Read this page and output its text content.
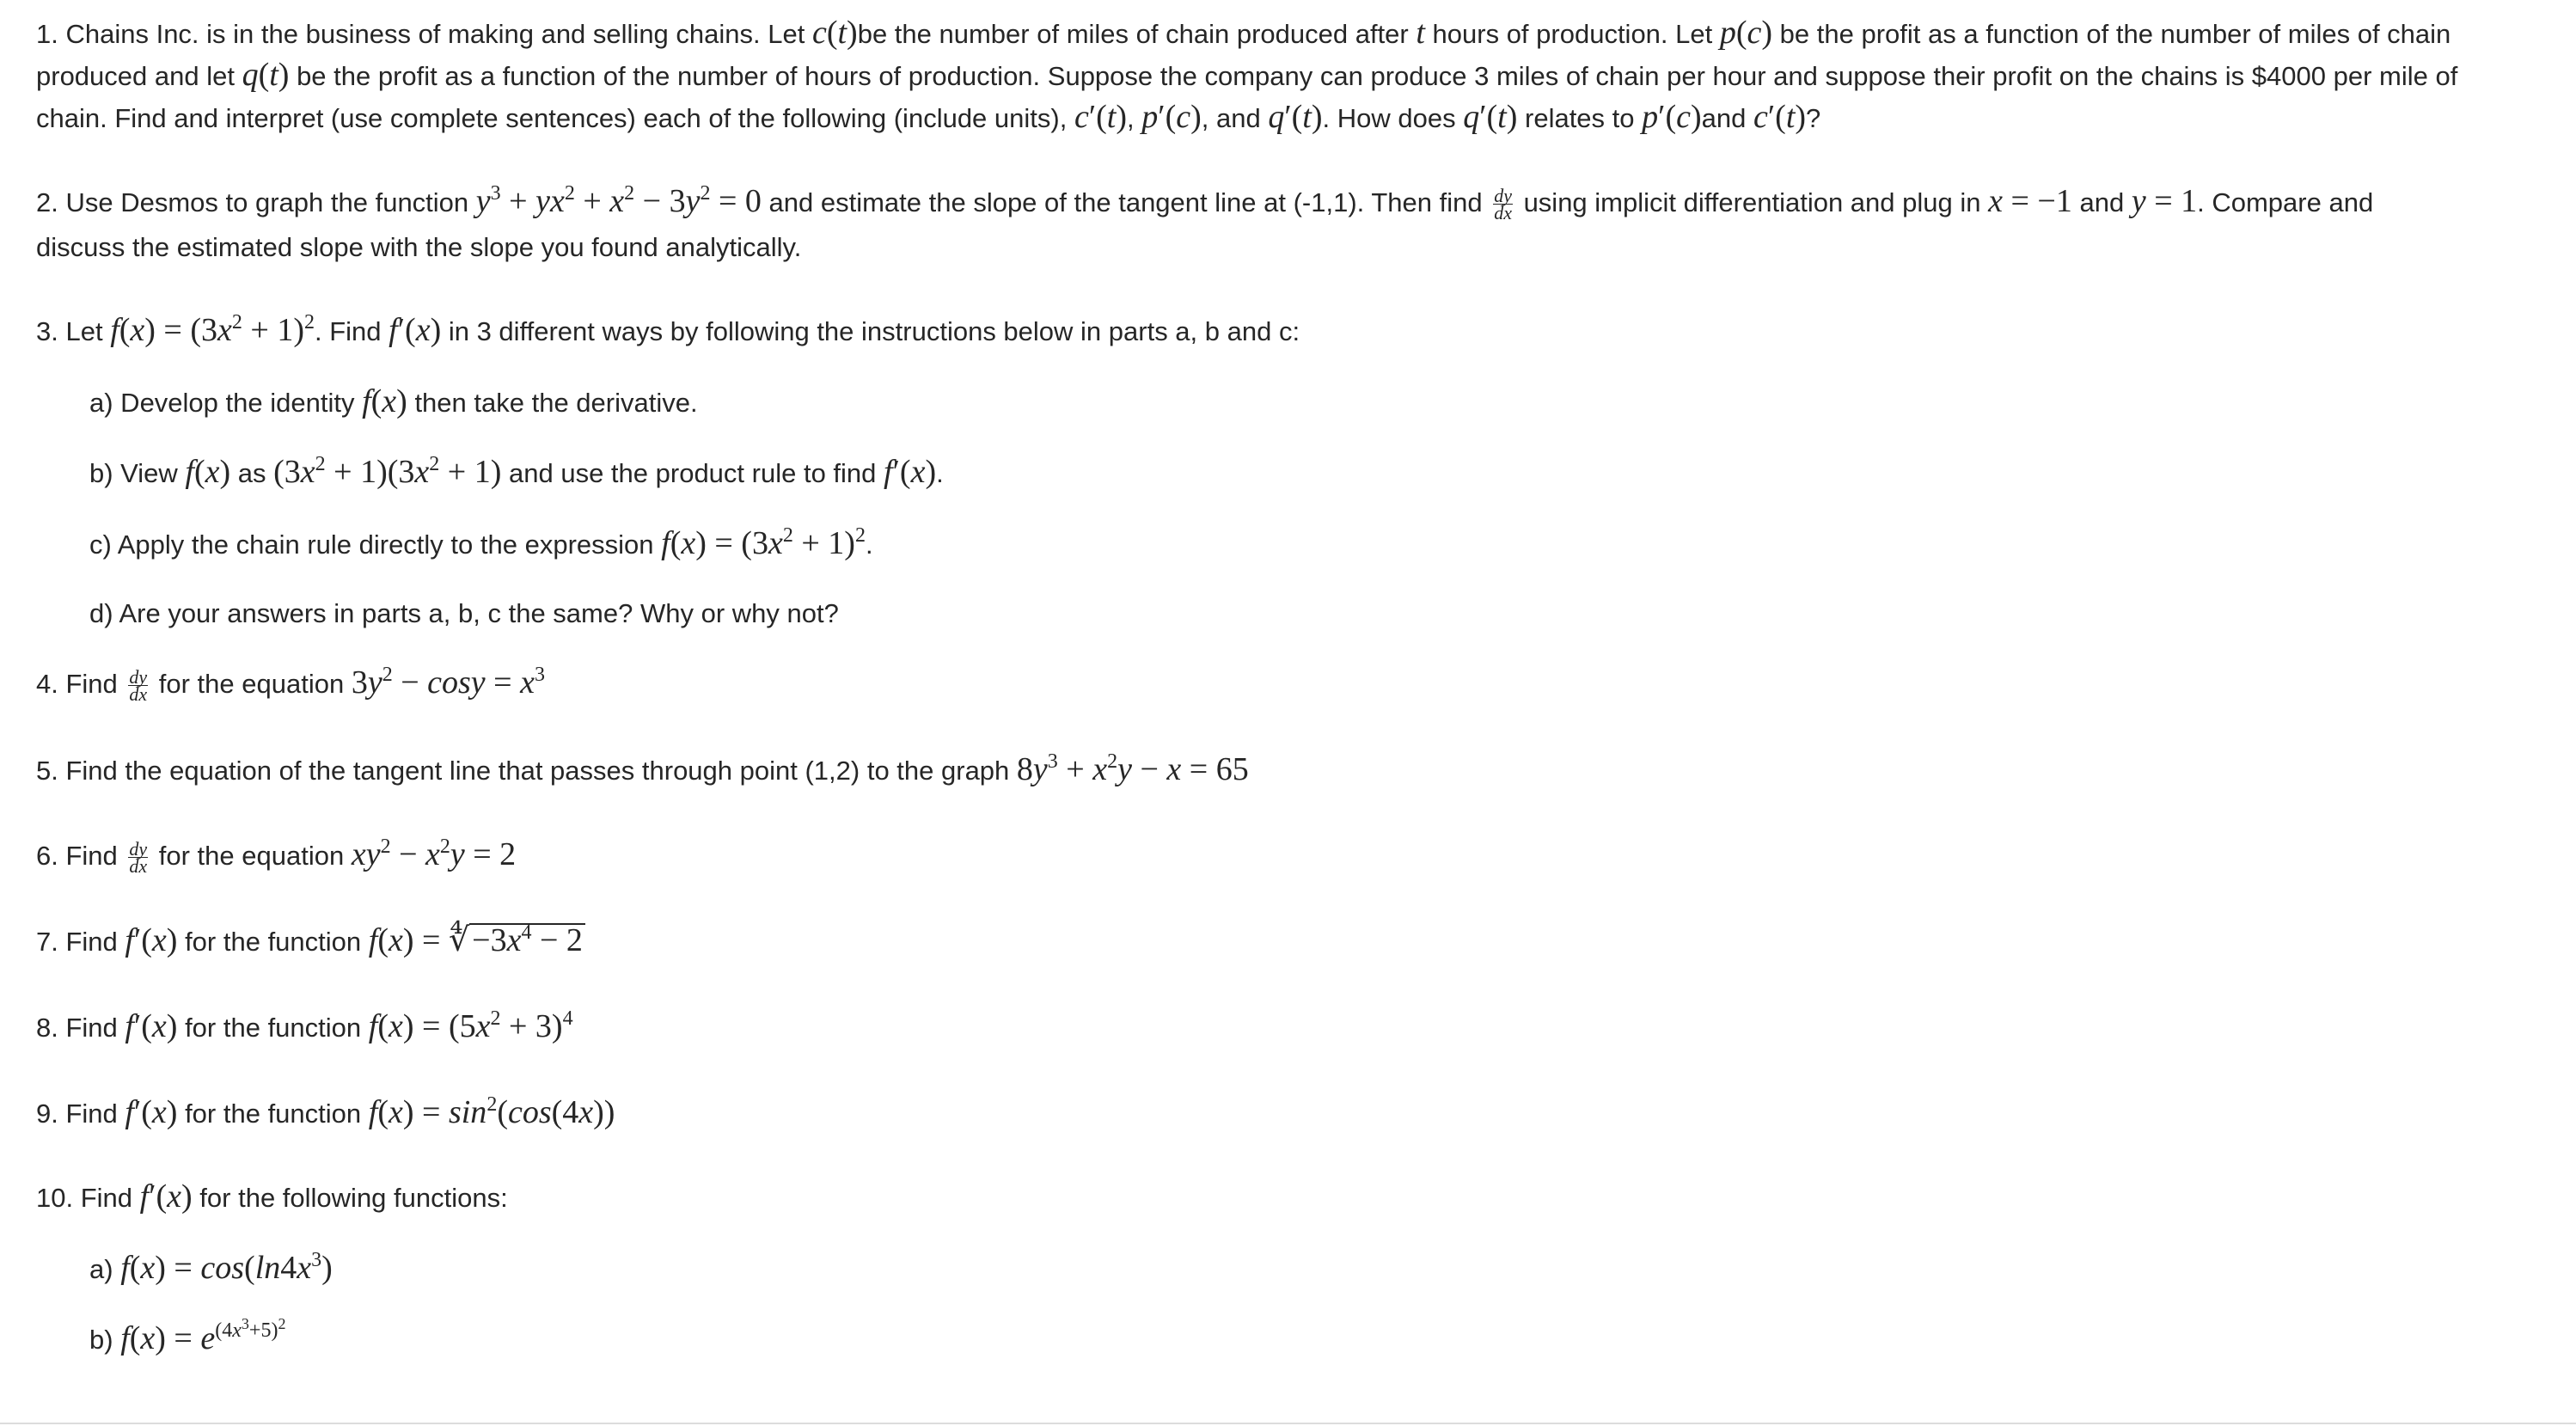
1. Chains Inc. is in the business of making and selling chains. Let c(t)be the number of miles of chain produced after t hours of production. Let p(c) be the profit as a function of the number of miles of chain
produced and let q(t) be the profit as a function of the number of hours of production. Suppose the company can produce 3 miles of chain per hour and suppose their profit on the chains is $4000 per mile of
chain. Find and interpret (use complete sentences) each of the following (include units), c′(t), p′(c), and q′(t). How does q′(t) relates to p′(c)and c′(t)?
2. Use Desmos to graph the function $y^3 + yx^2 + x^2 - 3y^2 = 0$ and estimate the slope of the tangent line at (-1,1). Then find $\frac{dy}{dx}$ using implicit differentiation and plug in x = −1 and y = 1. Compare and
discuss the estimated slope with the slope you found analytically.
3. Let $f(x) = (3x^2 + 1)^2$. Find f′(x) in 3 different ways by following the instructions below in parts a, b and c:
a) Develop the identity f(x) then take the derivative.
b) View f(x) as $(3x^2 + 1)(3x^2 + 1)$ and use the product rule to find f′(x).
c) Apply the chain rule directly to the expression $f(x) = (3x^2 + 1)^2$.
d) Are your answers in parts a, b, c the same? Why or why not?
4. Find $\frac{dy}{dx}$ for the equation $3y^2 - \cos y = x^3$
5. Find the equation of the tangent line that passes through point (1,2) to the graph $8y^3 + x^2y - x = 65$
6. Find $\frac{dy}{dx}$ for the equation $xy^2 - x^2y = 2$
7. Find f′(x) for the function $f(x) = ∜-3x^4 - 2$
8. Find f′(x) for the function $f(x) = (5x^2 + 3)^4$
9. Find f′(x) for the function $f(x) = \sin^2(\cos(4x))$
10. Find f′(x) for the following functions:
a) $f(x) = \cos(\ln 4x^3)$
b) $f(x) = e^{(4x^3+5)^2}$
